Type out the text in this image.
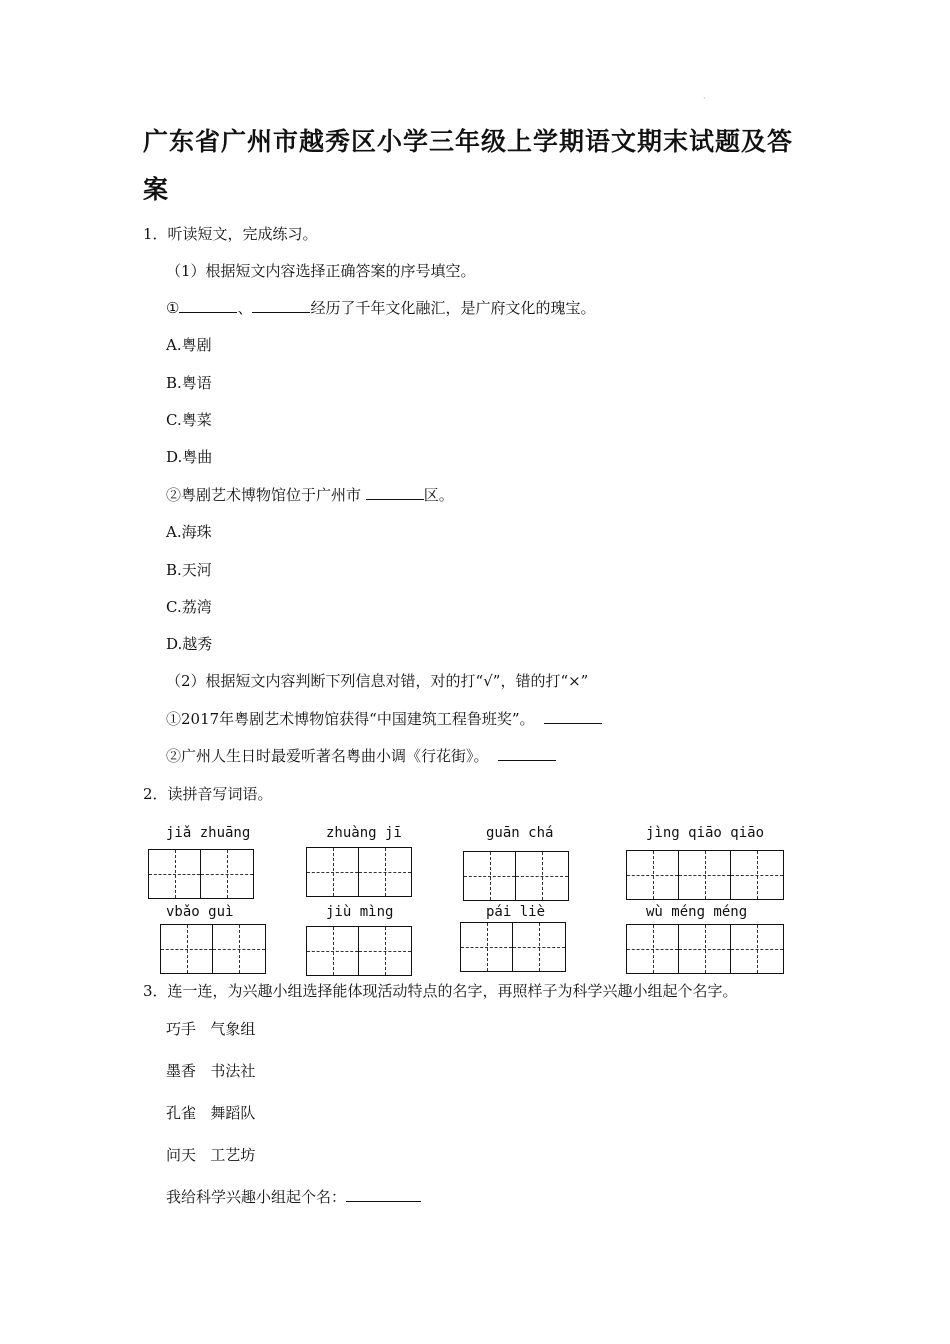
·
广东省广州市越秀区小学三年级上学期语文期末试题及答案
1．听读短文，完成练习。
（1）根据短文内容选择正确答案的序号填空。
①	、	经历了千年文化融汇，是广府文化的瑰宝。
A.粤剧
B.粤语
C.粤菜
D.粤曲
②粤剧艺术博物馆位于广州市	区。
A.海珠
B.天河
C.荔湾
D.越秀
（2）根据短文内容判断下列信息对错，对的打“√”，错的打“×”
①2017年粤剧艺术博物馆获得“中国建筑工程鲁班奖”。
②广州人生日时最爱听著名粤曲小调《行花街》。
2．读拼音写词语。
jiǎ zhuāng	zhuàng jī	guān chá	jìng qiāo qiāo
vbǎo guì	jiù mìng	pái liè	wù méng méng
3．连一连，为兴趣小组选择能体现活动特点的名字，再照样子为科学兴趣小组起个名字。
巧手 气象组
墨香 书法社
孔雀 舞蹈队
问天 工艺坊
我给科学兴趣小组起个名：
